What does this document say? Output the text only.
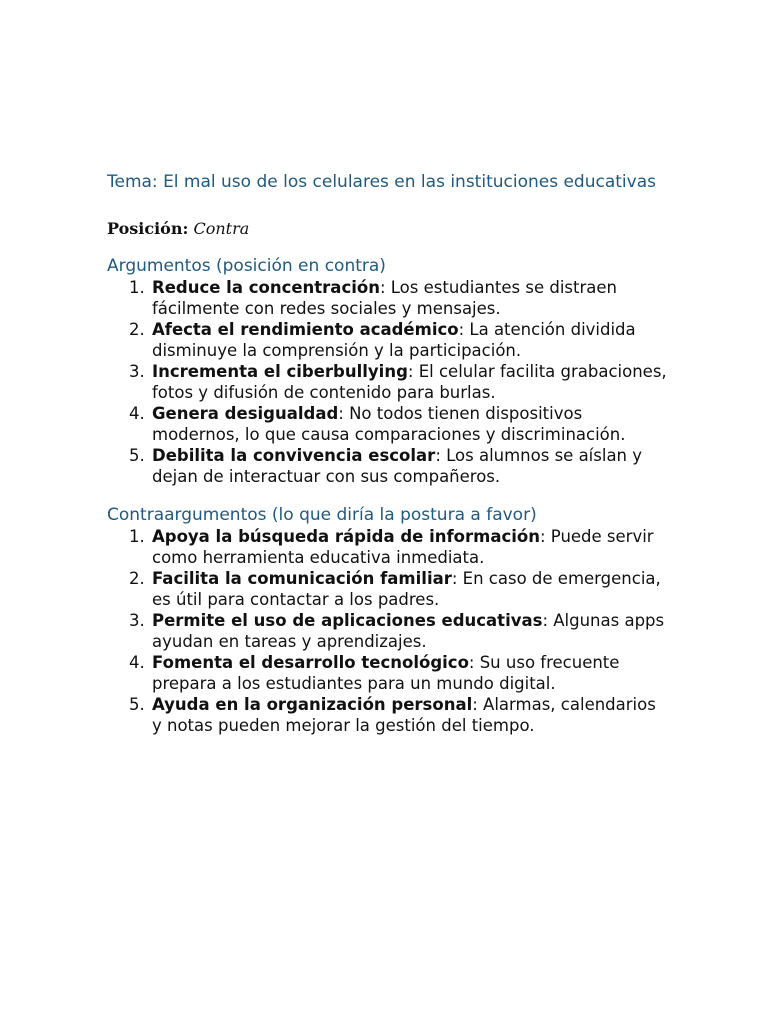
Tema: El mal uso de los celulares en las instituciones educativas

Posición: Contra

Argumentos (posición en contra)
1. Reduce la concentración: Los estudiantes se distraen fácilmente con redes sociales y mensajes.
2. Afecta el rendimiento académico: La atención dividida disminuye la comprensión y la participación.
3. Incrementa el ciberbullying: El celular facilita grabaciones, fotos y difusión de contenido para burlas.
4. Genera desigualdad: No todos tienen dispositivos modernos, lo que causa comparaciones y discriminación.
5. Debilita la convivencia escolar: Los alumnos se aíslan y dejan de interactuar con sus compañeros.
Contraargumentos (lo que diría la postura a favor)
1. Apoya la búsqueda rápida de información: Puede servir como herramienta educativa inmediata.
2. Facilita la comunicación familiar: En caso de emergencia, es útil para contactar a los padres.
3. Permite el uso de aplicaciones educativas: Algunas apps ayudan en tareas y aprendizajes.
4. Fomenta el desarrollo tecnológico: Su uso frecuente prepara a los estudiantes para un mundo digital.
5. Ayuda en la organización personal: Alarmas, calendarios y notas pueden mejorar la gestión del tiempo.
